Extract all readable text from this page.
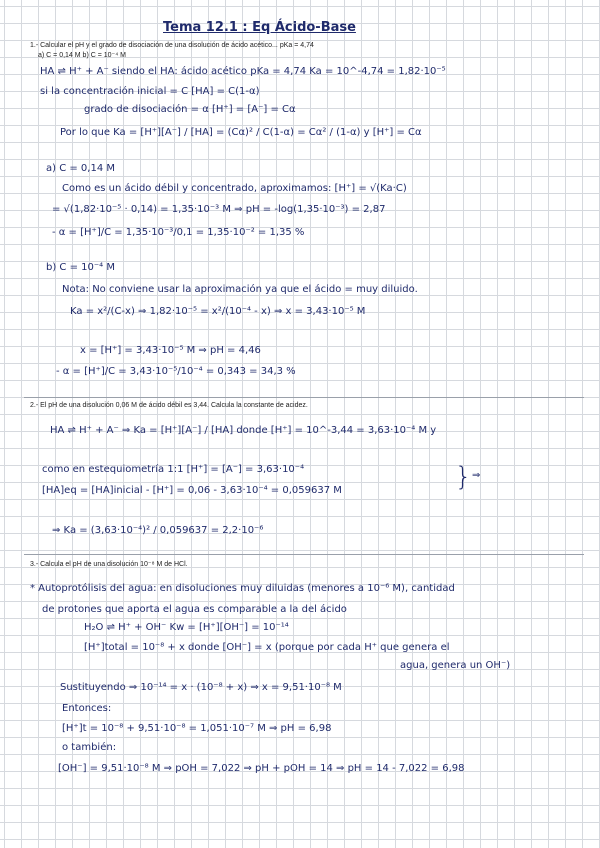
Tema 12.1 : Eq Ácido-Base
1.- Calcular el pH y el grado de disociación de una disolución de ácido acético... pKa = 4,74
a) C = 0,14 M b) C = 10⁻⁴ M
HA ⇌ H⁺ + A⁻ siendo el HA: ácido acético pKa = 4,74 Ka = 10^-4,74 = 1,82·10⁻⁵
si la concentración inicial = C [HA] = C(1-α)
grado de disociación = α [H⁺] = [A⁻] = Cα
Por lo que Ka = [H⁺][A⁻] / [HA] = (Cα)² / C(1-α) = Cα² / (1-α) y [H⁺] = Cα
a) C = 0,14 M
Como es un ácido débil y concentrado, aproximamos: [H⁺] = √(Ka·C)
= √(1,82·10⁻⁵ · 0,14) = 1,35·10⁻³ M ⇒ pH = -log(1,35·10⁻³) = 2,87
- α = [H⁺]/C = 1,35·10⁻³/0,1 = 1,35·10⁻² = 1,35 %
b) C = 10⁻⁴ M
Nota: No conviene usar la aproximación ya que el ácido = muy diluido.
Ka = x²/(C-x) ⇒ 1,82·10⁻⁵ = x²/(10⁻⁴ - x) ⇒ x = 3,43·10⁻⁵ M
x = [H⁺] = 3,43·10⁻⁵ M ⇒ pH = 4,46
- α = [H⁺]/C = 3,43·10⁻⁵/10⁻⁴ = 0,343 = 34,3 %
2.- El pH de una disolución 0,06 M de ácido débil es 3,44. Calcula la constante de acidez.
HA ⇌ H⁺ + A⁻ ⇒ Ka = [H⁺][A⁻] / [HA] donde [H⁺] = 10^-3,44 = 3,63·10⁻⁴ M y
como en estequiometría 1:1 [H⁺] = [A⁻] = 3,63·10⁻⁴
[HA]eq = [HA]inicial - [H⁺] = 0,06 - 3,63·10⁻⁴ = 0,059637 M	} ⇒
⇒ Ka = (3,63·10⁻⁴)² / 0,059637 = 2,2·10⁻⁶
3.- Calcula el pH de una disolución 10⁻⁸ M de HCl.
* Autoprotólisis del agua: en disoluciones muy diluidas (menores a 10⁻⁶ M), cantidad
de protones que aporta el agua es comparable a la del ácido
H₂O ⇌ H⁺ + OH⁻ Kw = [H⁺][OH⁻] = 10⁻¹⁴
[H⁺]total = 10⁻⁸ + x donde [OH⁻] = x (porque por cada H⁺ que genera el
agua, genera un OH⁻)
Sustituyendo ⇒ 10⁻¹⁴ = x · (10⁻⁸ + x) ⇒ x = 9,51·10⁻⁸ M
Entonces:
[H⁺]t = 10⁻⁸ + 9,51·10⁻⁸ = 1,051·10⁻⁷ M ⇒ pH = 6,98
o también:
[OH⁻] = 9,51·10⁻⁸ M ⇒ pOH = 7,022 ⇒ pH + pOH = 14 ⇒ pH = 14 - 7,022 = 6,98
